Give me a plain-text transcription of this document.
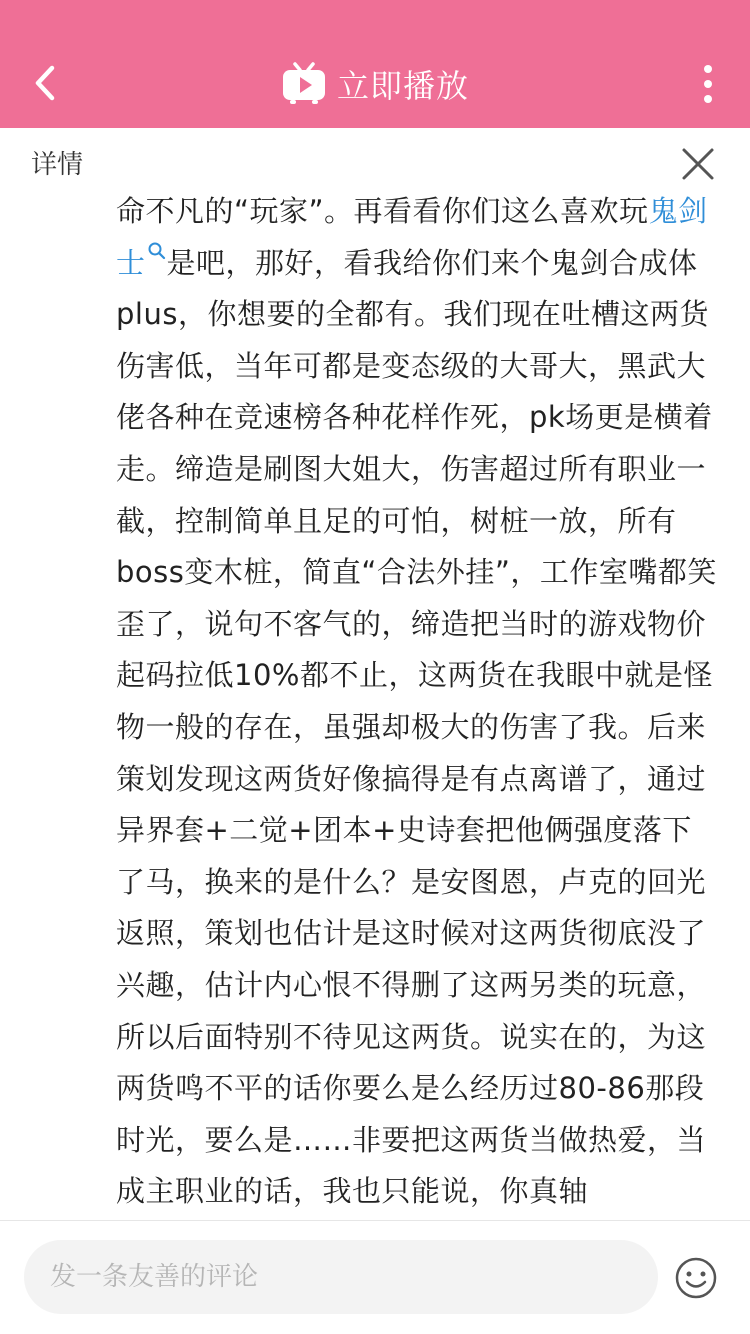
立即播放
详情

命不凡的“玩家”。再看看你们这么喜欢玩鬼剑士 是吧，那好，看我给你们来个鬼剑合成体plus，你想要的全都有。我们现在吐槽这两货伤害低，当年可都是变态级的大哥大，黑武大佬各种在竞速榜各种花样作死，pk场更是横着走。缔造是刷图大姐大，伤害超过所有职业一截，控制简单且足的可怕，树桩一放，所有boss变木桩，简直“合法外挂”，工作室嘴都笑歪了，说句不客气的，缔造把当时的游戏物价起码拉低10%都不止，这两货在我眼中就是怪物一般的存在，虽强却极大的伤害了我。后来策划发现这两货好像搞得是有点离谱了，通过异界套+二觉+团本+史诗套把他俩强度落下了马，换来的是什么？是安图恩，卢克的回光返照，策划也估计是这时候对这两货彻底没了兴趣，估计内心恨不得删了这两另类的玩意，所以后面特别不待见这两货。说实在的，为这两货鸣不平的话你要么是么经历过80-86那段时光，要么是……非要把这两货当做热爱，当成主职业的话，我也只能说，你真轴

发一条友善的评论
